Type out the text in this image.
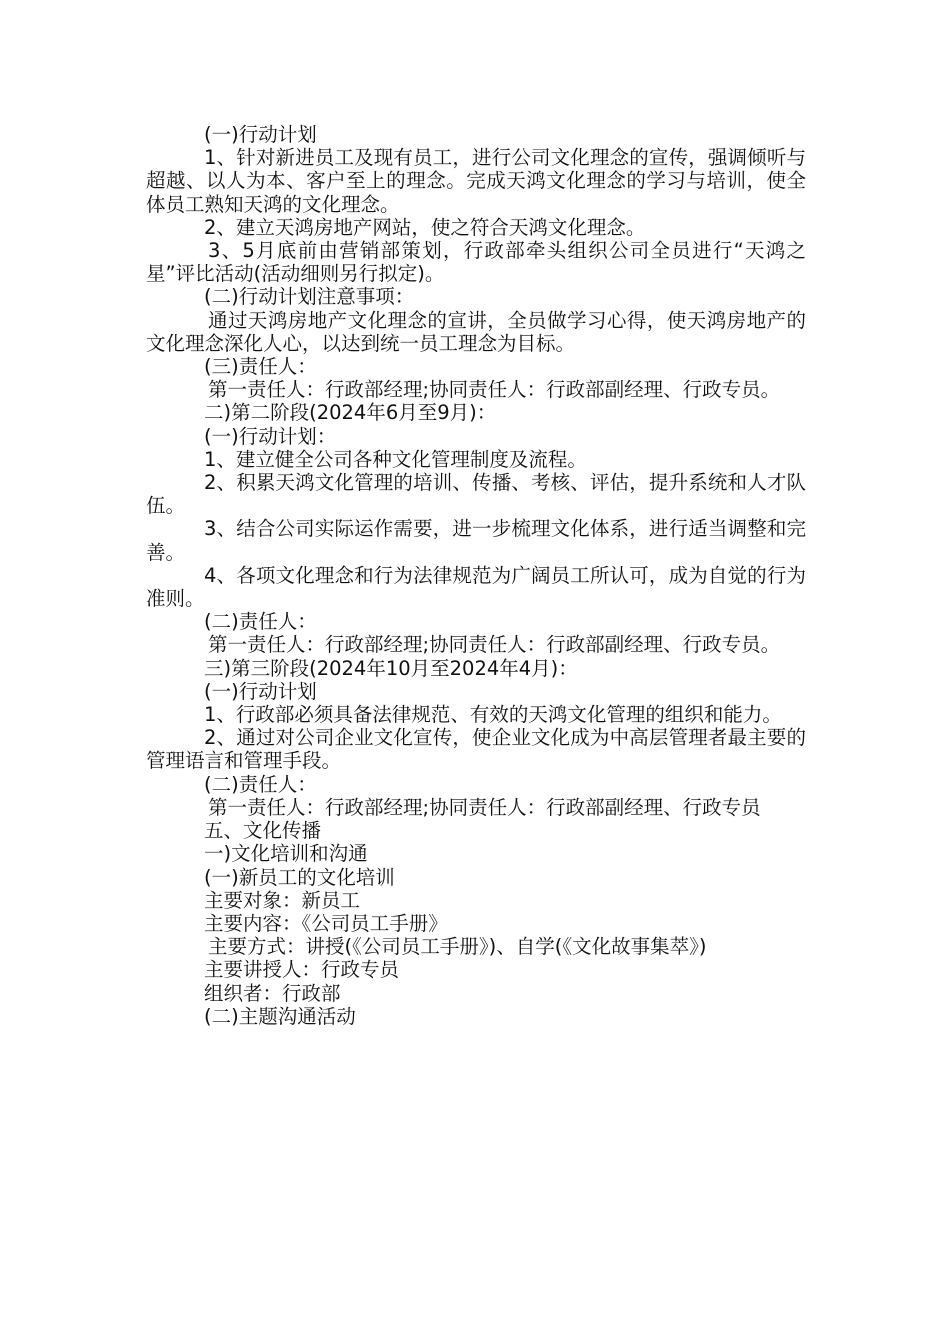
(一)行动计划

1、针对新进员工及现有员工，进行公司文化理念的宣传，强调倾听与超越、以人为本、客户至上的理念。完成天鸿文化理念的学习与培训，使全体员工熟知天鸿的文化理念。

2、建立天鸿房地产网站，使之符合天鸿文化理念。

3、5月底前由营销部策划，行政部牵头组织公司全员进行“天鸿之星”评比活动(活动细则另行拟定)。

(二)行动计划注意事项：

通过天鸿房地产文化理念的宣讲，全员做学习心得，使天鸿房地产的文化理念深化人心，以达到统一员工理念为目标。

(三)责任人：

第一责任人：行政部经理;协同责任人：行政部副经理、行政专员。

二)第二阶段(2024年6月至9月)：

(一)行动计划：

1、建立健全公司各种文化管理制度及流程。

2、积累天鸿文化管理的培训、传播、考核、评估，提升系统和人才队伍。

3、结合公司实际运作需要，进一步梳理文化体系，进行适当调整和完善。

4、各项文化理念和行为法律规范为广阔员工所认可，成为自觉的行为准则。

(二)责任人：

第一责任人：行政部经理;协同责任人：行政部副经理、行政专员。

三)第三阶段(2024年10月至2024年4月)：

(一)行动计划

1、行政部必须具备法律规范、有效的天鸿文化管理的组织和能力。

2、通过对公司企业文化宣传，使企业文化成为中高层管理者最主要的管理语言和管理手段。

(二)责任人：

第一责任人：行政部经理;协同责任人：行政部副经理、行政专员

五、文化传播

一)文化培训和沟通

(一)新员工的文化培训

主要对象：新员工

主要内容：《公司员工手册》

主要方式：讲授(《公司员工手册》)、自学(《文化故事集萃》)

主要讲授人：行政专员

组织者：行政部

(二)主题沟通活动
